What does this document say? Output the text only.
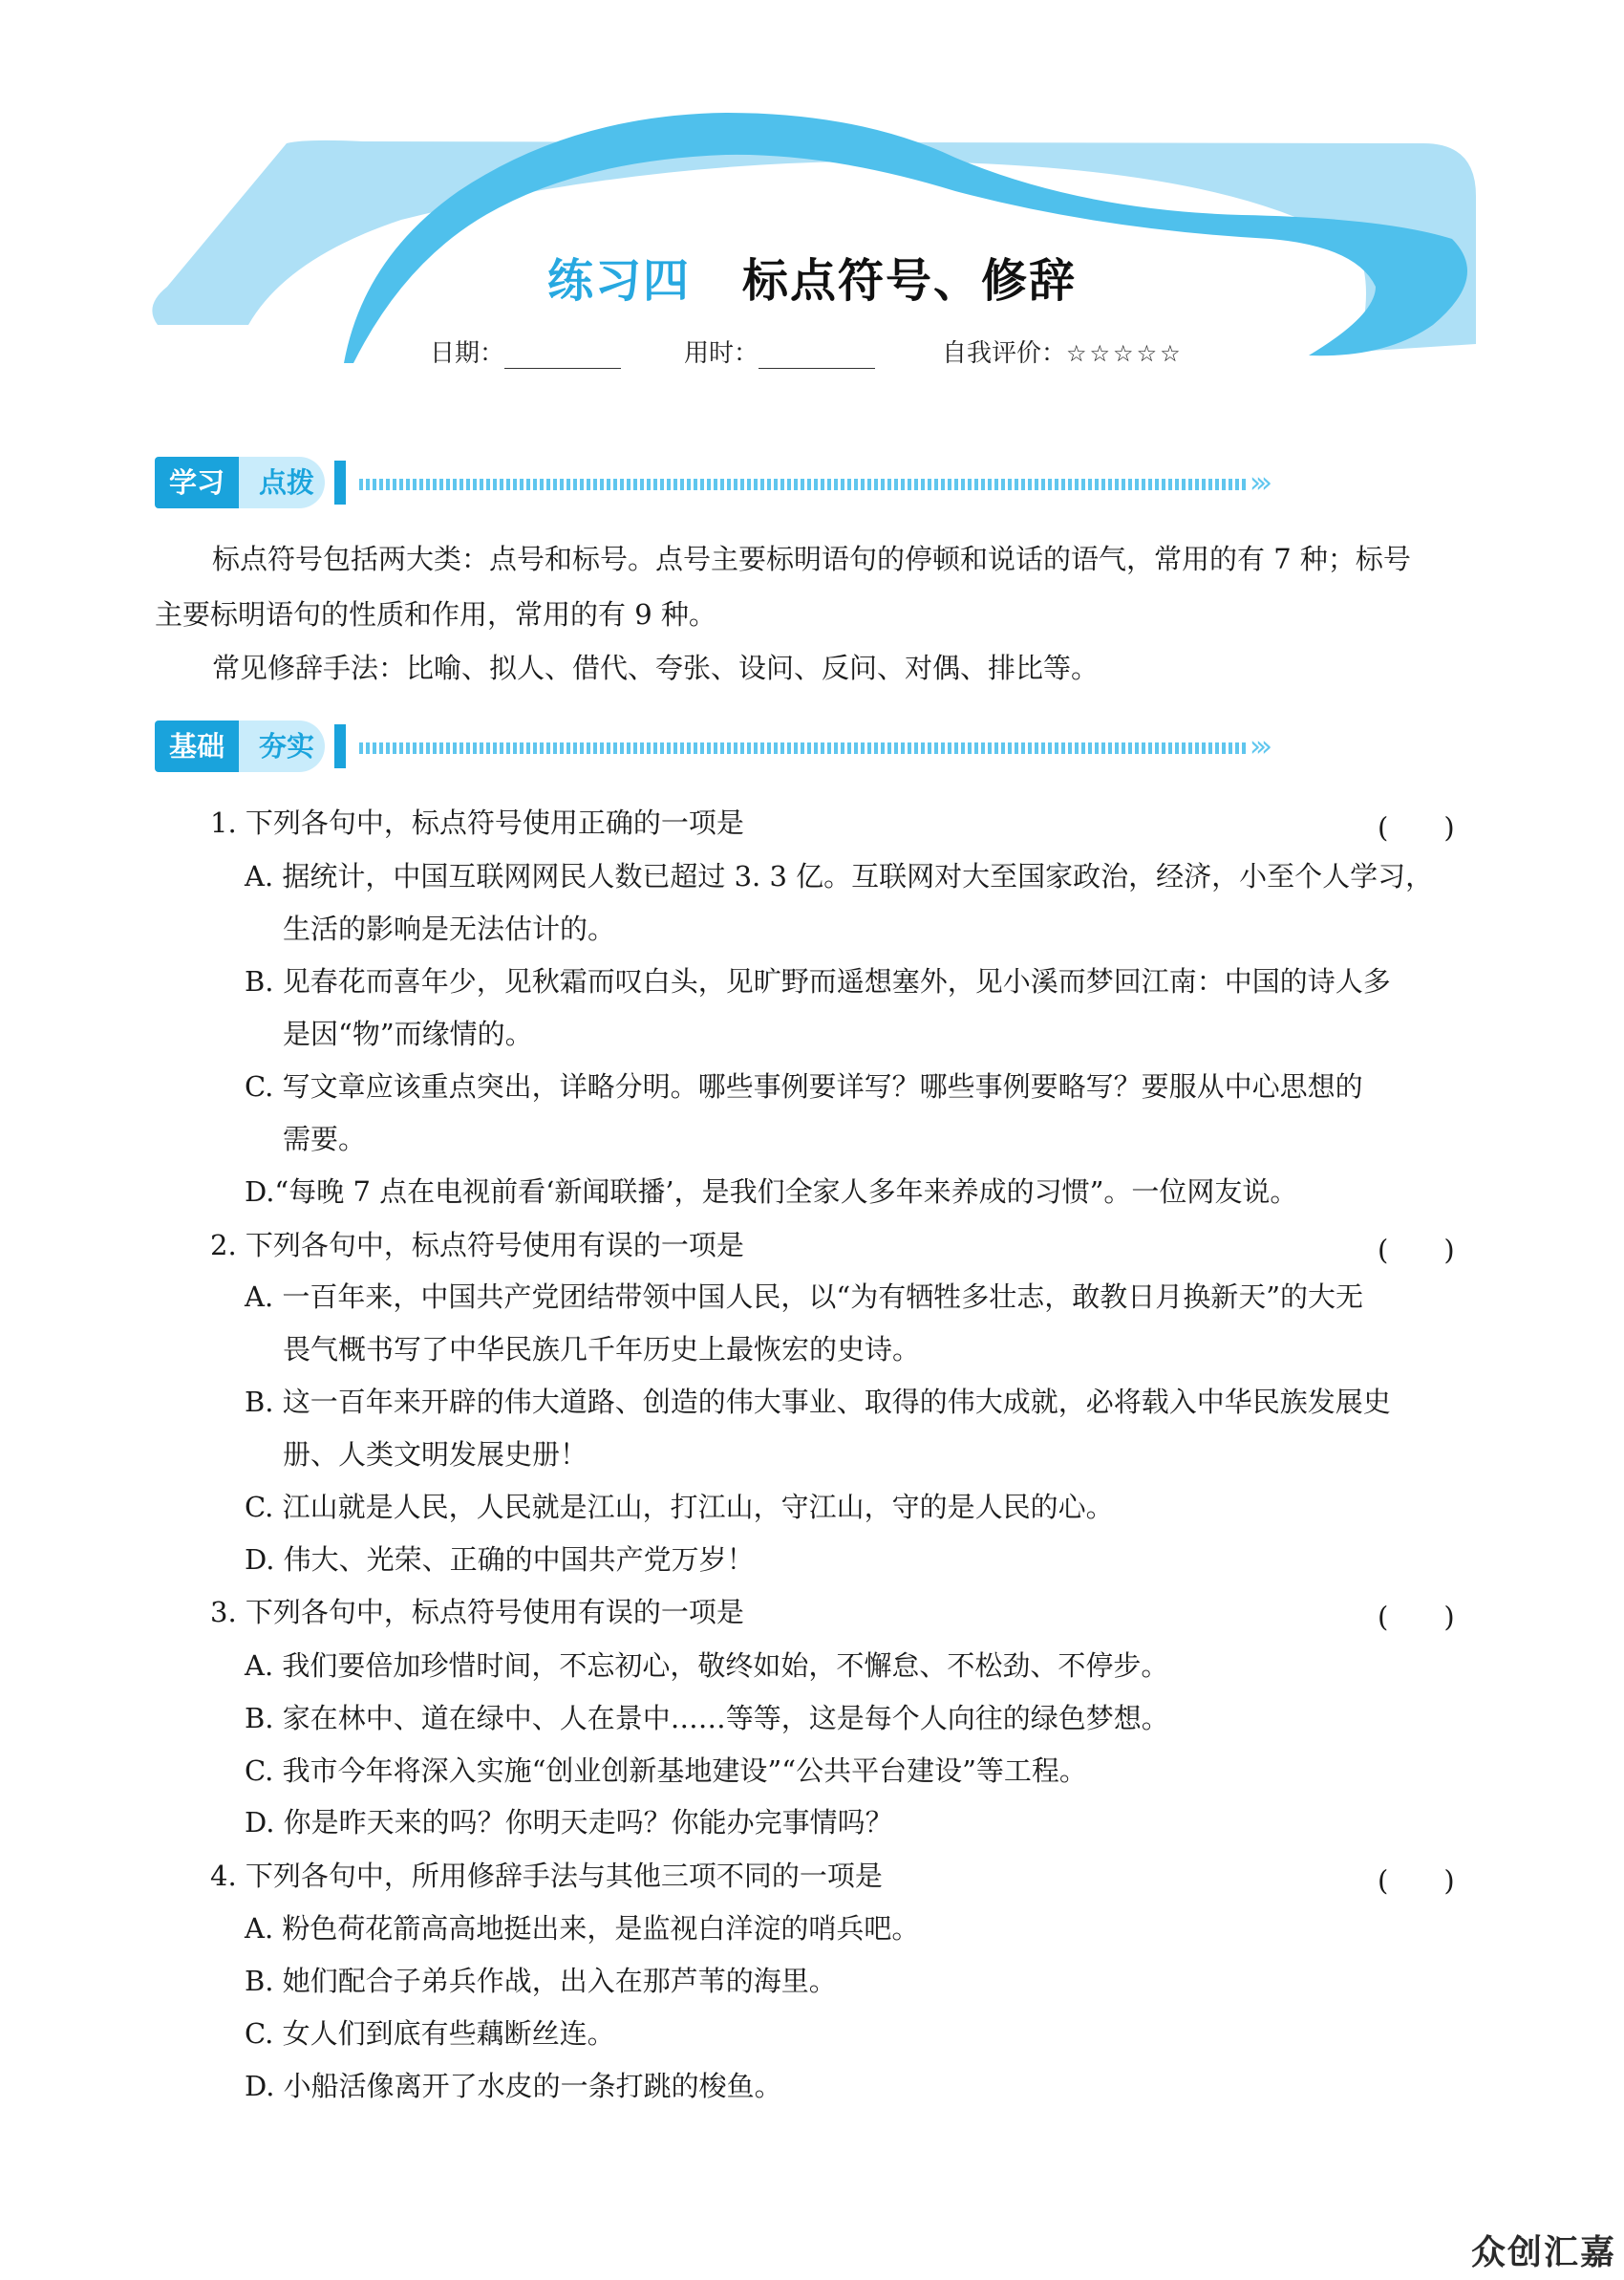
练习四 标点符号、修辞
日期：	用时：	自我评价：☆☆☆☆☆
点拨
学习	›››
标点符号包括两大类：点号和标号。点号主要标明语句的停顿和说话的语气，常用的有 7 种；标号
主要标明语句的性质和作用，常用的有 9 种。
常见修辞手法：比喻、拟人、借代、夸张、设问、反问、对偶、排比等。
夯实
基础	›››
1. 下列各句中，标点符号使用正确的一项是	(　　)
A. 据统计，中国互联网网民人数已超过 3. 3 亿。互联网对大至国家政治，经济，小至个人学习，
生活的影响是无法估计的。
B. 见春花而喜年少，见秋霜而叹白头，见旷野而遥想塞外，见小溪而梦回江南：中国的诗人多
是因“物”而缘情的。
C. 写文章应该重点突出，详略分明。哪些事例要详写？哪些事例要略写？要服从中心思想的
需要。
D.“每晚 7 点在电视前看‘新闻联播’，是我们全家人多年来养成的习惯”。一位网友说。
2. 下列各句中，标点符号使用有误的一项是	(　　)
A. 一百年来，中国共产党团结带领中国人民，以“为有牺牲多壮志，敢教日月换新天”的大无
畏气概书写了中华民族几千年历史上最恢宏的史诗。
B. 这一百年来开辟的伟大道路、创造的伟大事业、取得的伟大成就，必将载入中华民族发展史
册、人类文明发展史册！
C. 江山就是人民，人民就是江山，打江山，守江山，守的是人民的心。
D. 伟大、光荣、正确的中国共产党万岁！
3. 下列各句中，标点符号使用有误的一项是	(　　)
A. 我们要倍加珍惜时间，不忘初心，敬终如始，不懈怠、不松劲、不停步。
B. 家在林中、道在绿中、人在景中……等等，这是每个人向往的绿色梦想。
C. 我市今年将深入实施“创业创新基地建设”“公共平台建设”等工程。
D. 你是昨天来的吗？你明天走吗？你能办完事情吗？
4. 下列各句中，所用修辞手法与其他三项不同的一项是	(　　)
A. 粉色荷花箭高高地挺出来，是监视白洋淀的哨兵吧。
B. 她们配合子弟兵作战，出入在那芦苇的海里。
C. 女人们到底有些藕断丝连。
D. 小船活像离开了水皮的一条打跳的梭鱼。
众创汇嘉
